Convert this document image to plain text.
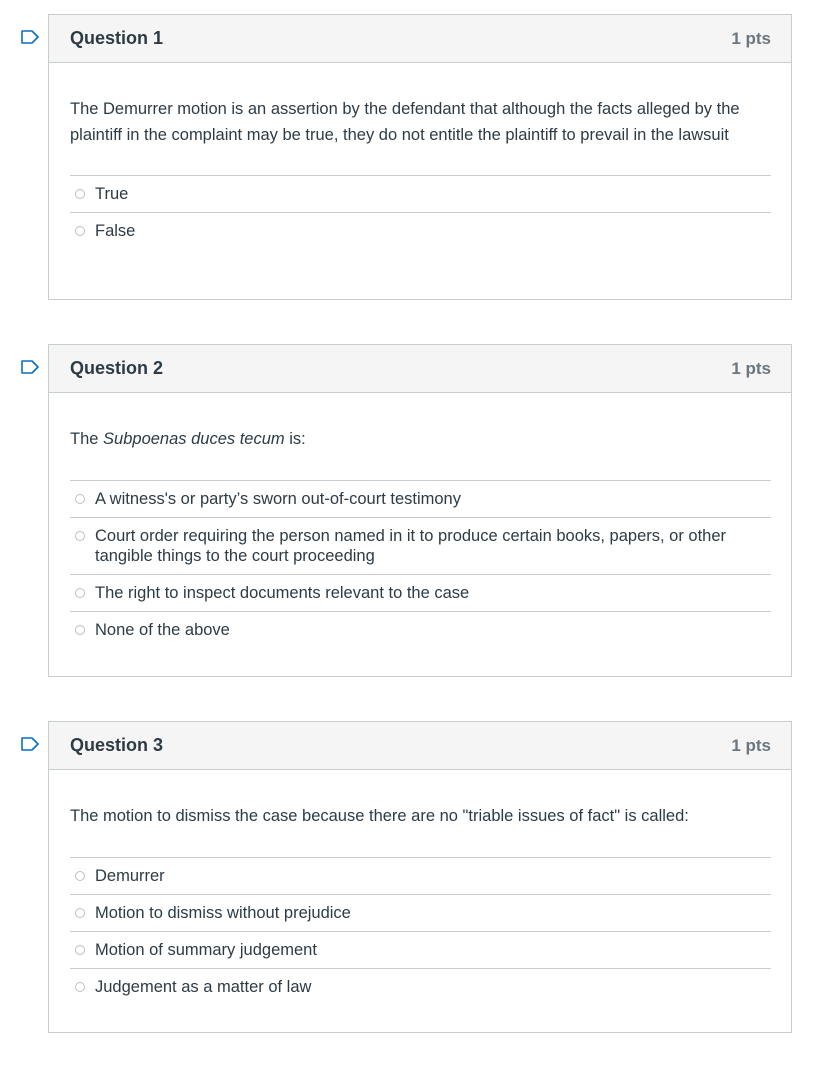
Question 1	1 pts

The Demurrer motion is an assertion by the defendant that although the facts alleged by the plaintiff in the complaint may be true, they do not entitle the plaintiff to prevail in the lawsuit

True
False
Question 2	1 pts

The Subpoenas duces tecum is:

A witness's or party’s sworn out-of-court testimony
Court order requiring the person named in it to produce certain books, papers, or other tangible things to the court proceeding
The right to inspect documents relevant to the case
None of the above
Question 3	1 pts

The motion to dismiss the case because there are no "triable issues of fact" is called:

Demurrer
Motion to dismiss without prejudice
Motion of summary judgement
Judgement as a matter of law
